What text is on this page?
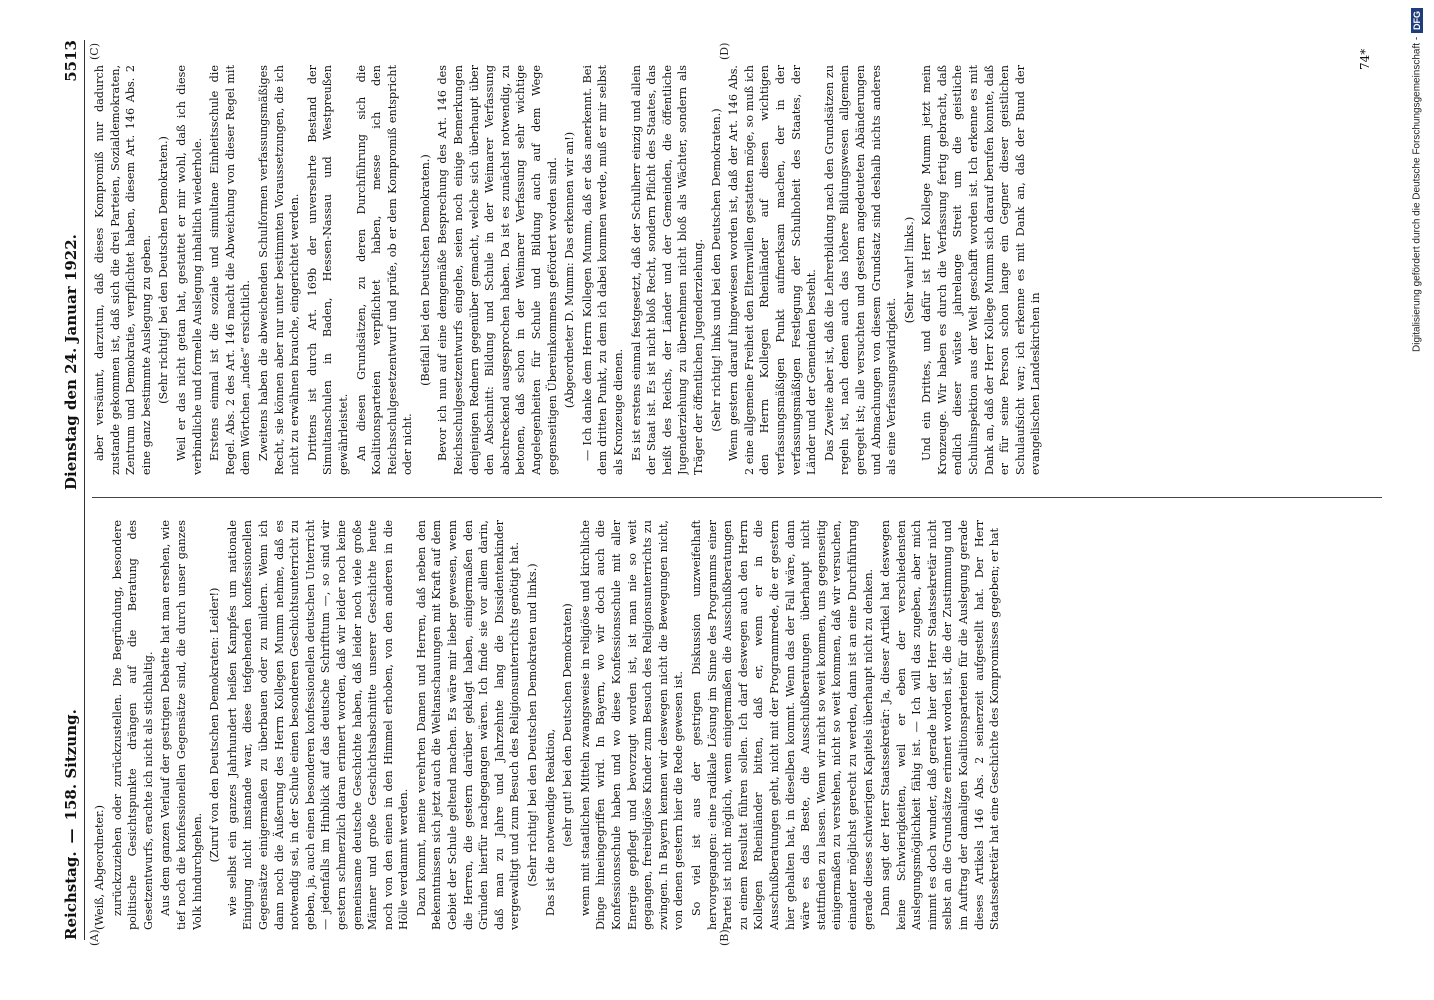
Reichstag.
—
158. Sitzung.
Dienstag den 24. Januar 1922.
5513

(Weiß, Abgeordneter.) zurückzuziehen oder zurückzustellen. Die Begründung, besondere politische Gesichtspunkte drängen auf die Beratung des Gesetzentwurfs, erachte ich nicht als stichhaltig. Aus dem ganzen Verlauf der gestrigen Debatte hat man ersehen, wie tief noch die konfessionellen Gegensätze sind, die durch unser ganzes Volk hindurchgehen.

(Zuruf von den Deutschen Demokraten: Leider!) wie selbst ein ganzes Jahrhundert heißen Kampfes um nationale Einigung nicht imstande war, diese tiefgehenden konfessionellen Gegensätze einigermaßen zu überbauen oder zu mildern. Wenn ich dann noch die Äußerung des Herrn Kollegen Mumm nehme, daß es notwendig sei, in der Schule einen besonderen Geschichtsunterricht zu geben, ja, auch einen besonderen konfessionellen deutschen Unterricht — jedenfalls im Hinblick auf das deutsche Schrifttum —, so sind wir gestern schmerzlich daran erinnert worden, daß wir leider noch keine gemeinsame deutsche Geschichte haben, daß leider noch viele große Männer und große Geschichtsabschnitte unserer Geschichte heute noch von den einen in den Himmel erhoben, von den anderen in die Hölle verdammt werden. Dazu kommt, meine verehrten Damen und Herren, daß neben den Bekenntnissen sich jetzt auch die Weltanschauungen mit Kraft auf dem Gebiet der Schule geltend machen. Es wäre mir lieber gewesen, wenn die Herren, die gestern darüber geklagt haben, einigermaßen den Gründen hierfür nachgegangen wären. Ich finde sie vor allem darin, daß man zu Jahre und Jahrzehnte lang die Dissidentenkinder vergewaltigt und zum Besuch des Religionsunterrichts genötigt hat. (Sehr richtig! bei den Deutschen Demokraten und links.) Das ist die notwendige Reaktion, (sehr gut! bei den Deutschen Demokraten) wenn mit staatlichen Mitteln zwangsweise in religiöse und kirchliche Dinge hineingegriffen wird. In Bayern, wo wir doch auch die Konfessionsschule haben und wo diese Konfessionsschule mit aller Energie gepflegt und bevorzugt worden ist, ist man nie so weit gegangen, freireligiöse Kinder zum Besuch des Religionsunterrichts zu zwingen. In Bayern kennen wir deswegen nicht die Bewegungen nicht, von denen gestern hier die Rede gewesen ist. So viel ist aus der gestrigen Diskussion unzweifelhaft hervorgegangen: eine radikale Lösung im Sinne des Programms einer Partei ist nicht möglich, wenn einigermaßen die Ausschußberatungen zu einem Resultat führen sollen. Ich darf deswegen auch den Herrn Kollegen Rheinländer bitten, daß er, wenn er in die Ausschußberatungen geht, nicht mit der Programmrede, die er gestern hier gehalten hat, in dieselben kommt. Wenn das der Fall wäre, dann wäre es das Beste, die Ausschußberatungen überhaupt nicht stattfinden zu lassen. Wenn wir nicht so weit kommen, uns gegenseitig einigermaßen zu verstehen, nicht so weit kommen, daß wir versuchen, einander möglichst gerecht zu werden, dann ist an eine Durchführung gerade dieses schwierigen Kapitels überhaupt nicht zu denken. Dann sagt der Herr Staatssekretär: Ja, dieser Artikel hat deswegen keine Schwierigkeiten, weil er eben der verschiedensten Auslegungsmöglichkeit fähig ist. — Ich will das zugeben, aber mich nimmt es doch wunder, daß gerade hier der Herr Staatssekretär nicht selbst an die Grundsätze erinnert worden ist, die der Zustimmung und im Auftrag der damaligen Koalitionsparteien für die Auslegung gerade dieses Artikels 146 Abs. 2 seinerzeit aufgestellt hat. Der Herr Staatssekretär hat eine Geschichte des Kompromisses gegeben; er hat

aber versäumt, darzutun, daß dieses Kompromiß nur dadurch zustande gekommen ist, daß sich die drei Parteien, Sozialdemokraten, Zentrum und Demokratie, verpflichtet haben, diesem Art. 146 Abs. 2 eine ganz bestimmte Auslegung zu geben. (Sehr richtig! bei den Deutschen Demokraten.) Weil er das nicht getan hat, gestattet er mir wohl, daß ich diese verbindliche und formelle Auslegung inhaltlich wiederhole. Erstens einmal ist die soziale und simultane Einheitsschule die Regel. Abs. 2 des Art. 146 macht die Abweichung von dieser Regel mit dem Wörtchen „indes“ ersichtlich. Zweitens haben die abweichenden Schulformen verfassungsmäßiges Recht, sie können aber nur unter bestimmten Voraussetzungen, die ich nicht zu erwähnen brauche, eingerichtet werden. Drittens ist durch Art. 169b der unversehrte Bestand der Simultanschulen in Baden, Hessen-Nassau und Westpreußen gewährleistet. An diesen Grundsätzen, zu deren Durchführung sich die Koalitionsparteien verpflichtet haben, messe ich den Reichsschulgesetzentwurf und prüfe, ob er dem Kompromiß entspricht oder nicht.

(Beifall bei den Deutschen Demokraten.) Bevor ich nun auf eine demgemäße Besprechung des Art. 146 des Reichsschulgesetzentwurfs eingehe, seien noch einige Bemerkungen denjenigen Rednern gegenüber gemacht, welche sich überhaupt über den Abschnitt: Bildung und Schule in der Weimarer Verfassung abschreckend ausgesprochen haben. Da ist es zunächst notwendig, zu betonen, daß schon in der Weimarer Verfassung sehr wichtige Angelegenheiten für Schule und Bildung auch auf dem Wege gegenseitigen Übereinkommens gefördert worden sind. (Abgeordneter D. Mumm: Das erkennen wir an!) — Ich danke dem Herrn Kollegen Mumm, daß er das anerkennt. Bei dem dritten Punkt, zu dem ich dabei kommen werde, muß er mir selbst als Kronzeuge dienen. Es ist erstens einmal festgesetzt, daß der Schulherr einzig und allein der Staat ist. Es ist nicht bloß Recht, sondern Pflicht des Staates, das heißt des Reichs, der Länder und der Gemeinden, die öffentliche Jugenderziehung zu übernehmen nicht bloß als Wächter, sondern als Träger der öffentlichen Jugenderziehung. (Sehr richtig! links und bei den Deutschen Demokraten.) Wenn gestern darauf hingewiesen worden ist, daß der Art. 146 Abs. 2 eine allgemeine Freiheit den Elternwillen gestatten möge, so muß ich den Herrn Kollegen Rheinländer auf diesen wichtigen verfassungsmäßigen Punkt aufmerksam machen, der in der verfassungsmäßigen Festlegung der Schulhoheit des Staates, der Länder und der Gemeinden besteht. Das Zweite aber ist, daß die Lehrerbildung nach den Grundsätzen zu regeln ist, nach denen auch das höhere Bildungswesen allgemein geregelt ist; alle versuchten und gestern angedeuteten Abänderungen und Abmachungen von diesem Grundsatz sind deshalb nichts anderes als eine Verfassungswidrigkeit.

(Sehr wahr! links.) Und ein Drittes, und dafür ist Herr Kollege Mumm jetzt mein Kronzeuge. Wir haben es durch die Verfassung fertig gebracht, daß endlich dieser wüste jahrelange Streit um die geistliche Schulinspektion aus der Welt geschafft worden ist. Ich erkenne es mit Dank an, daß der Herr Kollege Mumm sich darauf berufen konnte, daß er für seine Person schon lange ein Gegner dieser geistlichen Schulaufsicht war; ich erkenne es mit Dank an, daß der Bund der evangelischen Landeskirchen in

(A)	(B)
(C)	(D)	74*	Digitalisierung gefördert durch die Deutsche Forschungsgemeinschaft -
DFG
